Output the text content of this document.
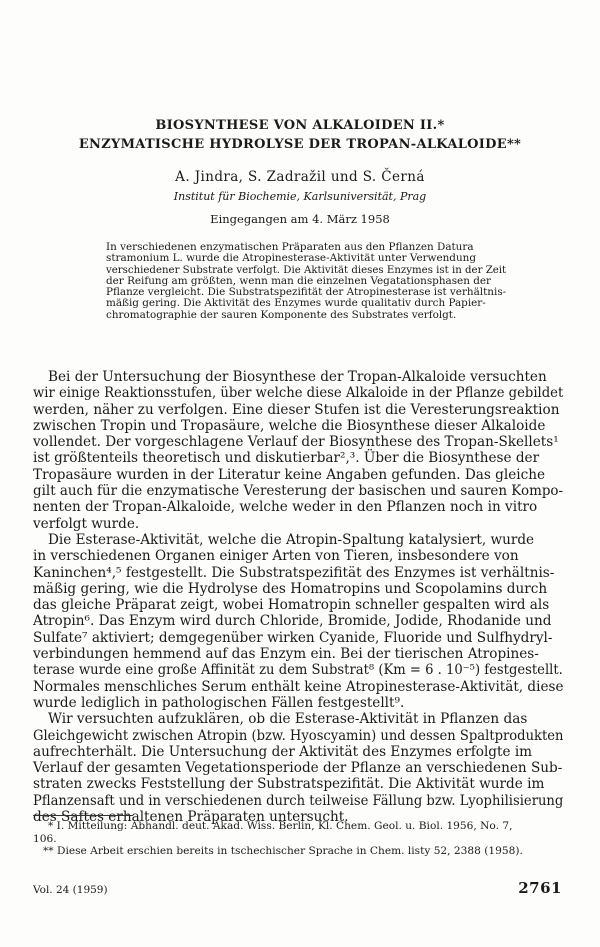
BIOSYNTHESE VON ALKALOIDEN II.*
ENZYMATISCHE HYDROLYSE DER TROPAN-ALKALOIDE**
A. Jindra, S. Zadražil und S. Černá
Institut für Biochemie, Karlsuniversität, Prag
Eingegangen am 4. März 1958
In verschiedenen enzymatischen Präparaten aus den Pflanzen Datura
stramonium L. wurde die Atropinesterase-Aktivität unter Verwendung
verschiedener Substrate verfolgt. Die Aktivität dieses Enzymes ist in der Zeit
der Reifung am größten, wenn man die einzelnen Vegatationsphasen der
Pflanze vergleicht. Die Substratspezifität der Atropinesterase ist verhältnis-
mäßig gering. Die Aktivität des Enzymes wurde qualitativ durch Papier-
chromatographie der sauren Komponente des Substrates verfolgt.
Bei der Untersuchung der Biosynthese der Tropan-Alkaloide versuchten
wir einige Reaktionsstufen, über welche diese Alkaloide in der Pflanze gebildet
werden, näher zu verfolgen. Eine dieser Stufen ist die Veresterungsreaktion
zwischen Tropin und Tropasäure, welche die Biosynthese dieser Alkaloide
vollendet. Der vorgeschlagene Verlauf der Biosynthese des Tropan-Skellets¹
ist größtenteils theoretisch und diskutierbar²,³. Über die Biosynthese der
Tropasäure wurden in der Literatur keine Angaben gefunden. Das gleiche
gilt auch für die enzymatische Veresterung der basischen und sauren Kompo-
nenten der Tropan-Alkaloide, welche weder in den Pflanzen noch in vitro
verfolgt wurde.
Die Esterase-Aktivität, welche die Atropin-Spaltung katalysiert, wurde
in verschiedenen Organen einiger Arten von Tieren, insbesondere von
Kaninchen⁴,⁵ festgestellt. Die Substratspezifität des Enzymes ist verhältnis-
mäßig gering, wie die Hydrolyse des Homatropins und Scopolamins durch
das gleiche Präparat zeigt, wobei Homatropin schneller gespalten wird als
Atropin⁶. Das Enzym wird durch Chloride, Bromide, Jodide, Rhodanide und
Sulfate⁷ aktiviert; demgegenüber wirken Cyanide, Fluoride und Sulfhydryl-
verbindungen hemmend auf das Enzym ein. Bei der tierischen Atropines-
terase wurde eine große Affinität zu dem Substrat⁸ (Km = 6 . 10⁻⁵) festgestellt.
Normales menschliches Serum enthält keine Atropinesterase-Aktivität, diese
wurde lediglich in pathologischen Fällen festgestellt⁹.
Wir versuchten aufzuklären, ob die Esterase-Aktivität in Pflanzen das
Gleichgewicht zwischen Atropin (bzw. Hyoscyamin) und dessen Spaltprodukten
aufrechterhält. Die Untersuchung der Aktivität des Enzymes erfolgte im
Verlauf der gesamten Vegetationsperiode der Pflanze an verschiedenen Sub-
straten zwecks Feststellung der Substratspezifität. Die Aktivität wurde im
Pflanzensaft und in verschiedenen durch teilweise Fällung bzw. Lyophilisierung
des Saftes erhaltenen Präparaten untersucht.
* I. Mitteilung: Abhandl. deut. Akad. Wiss. Berlin, Kl. Chem. Geol. u. Biol. 1956, No. 7,
106.
** Diese Arbeit erschien bereits in tschechischer Sprache in Chem. listy 52, 2388 (1958).
Vol. 24 (1959)	2761
